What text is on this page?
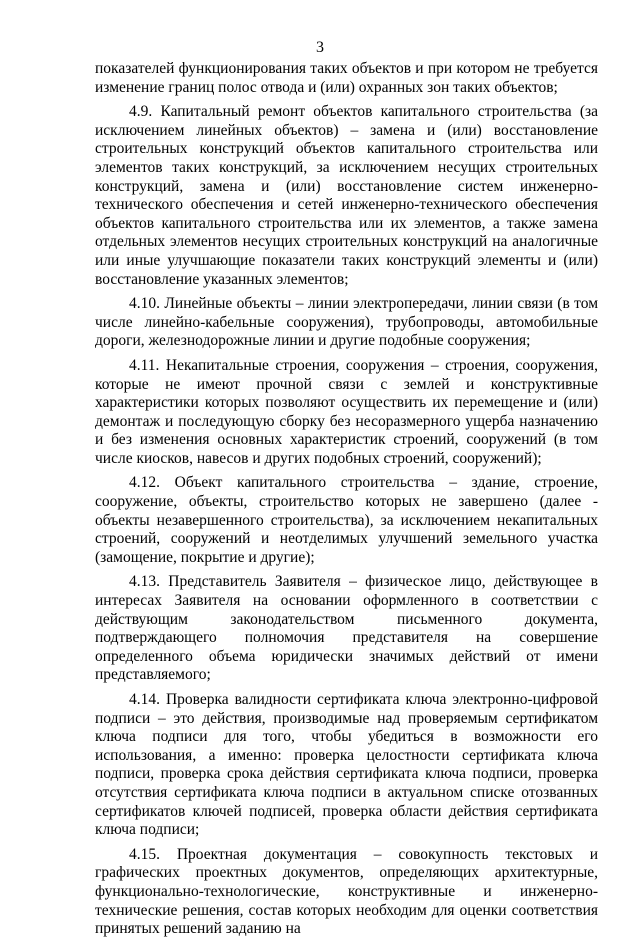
3

показателей функционирования таких объектов и при котором не требуется изменение границ полос отвода и (или) охранных зон таких объектов;

4.9. Капитальный ремонт объектов капитального строительства (за исключением линейных объектов) – замена и (или) восстановление строительных конструкций объектов капитального строительства или элементов таких конструкций, за исключением несущих строительных конструкций, замена и (или) восстановление систем инженерно-технического обеспечения и сетей инженерно-технического обеспечения объектов капитального строительства или их элементов, а также замена отдельных элементов несущих строительных конструкций на аналогичные или иные улучшающие показатели таких конструкций элементы и (или) восстановление указанных элементов;

4.10. Линейные объекты – линии электропередачи, линии связи (в том числе линейно-кабельные сооружения), трубопроводы, автомобильные дороги, железнодорожные линии и другие подобные сооружения;

4.11. Некапитальные строения, сооружения – строения, сооружения, которые не имеют прочной связи с землей и конструктивные характеристики которых позволяют осуществить их перемещение и (или) демонтаж и последующую сборку без несоразмерного ущерба назначению и без изменения основных характеристик строений, сооружений (в том числе киосков, навесов и других подобных строений, сооружений);

4.12. Объект капитального строительства – здание, строение, сооружение, объекты, строительство которых не завершено (далее - объекты незавершенного строительства), за исключением некапитальных строений, сооружений и неотделимых улучшений земельного участка (замощение, покрытие и другие);

4.13. Представитель Заявителя – физическое лицо, действующее в интересах Заявителя на основании оформленного в соответствии с действующим законодательством письменного документа, подтверждающего полномочия представителя на совершение определенного объема юридически значимых действий от имени представляемого;

4.14. Проверка валидности сертификата ключа электронно-цифровой подписи – это действия, производимые над проверяемым сертификатом ключа подписи для того, чтобы убедиться в возможности его использования, а именно: проверка целостности сертификата ключа подписи, проверка срока действия сертификата ключа подписи, проверка отсутствия сертификата ключа подписи в актуальном списке отозванных сертификатов ключей подписей, проверка области действия сертификата ключа подписи;

4.15. Проектная документация – совокупность текстовых и графических проектных документов, определяющих архитектурные, функционально-технологические, конструктивные и инженерно-технические решения, состав которых необходим для оценки соответствия принятых решений заданию на
